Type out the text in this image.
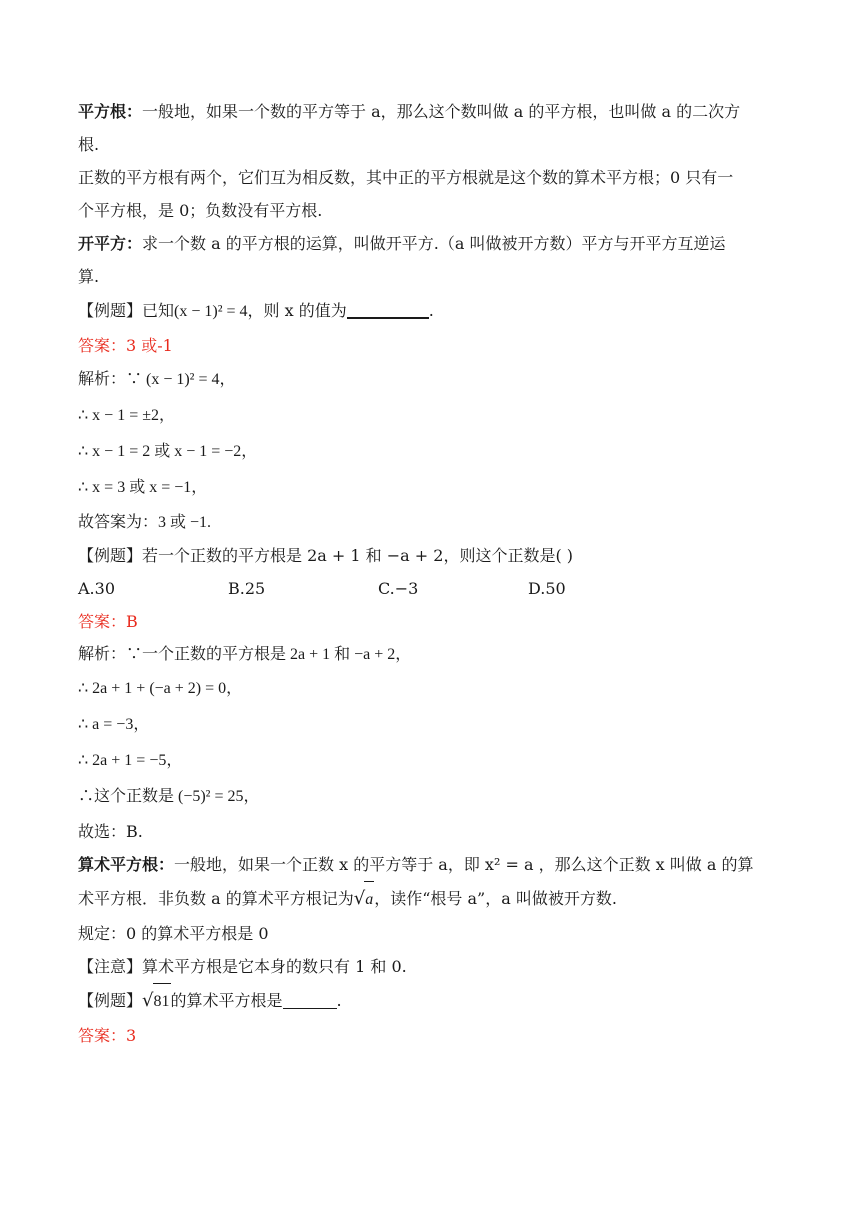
平方根：一般地，如果一个数的平方等于 a，那么这个数叫做 a 的平方根，也叫做 a 的二次方
根.
正数的平方根有两个，它们互为相反数，其中正的平方根就是这个数的算术平方根；0 只有一
个平方根，是 0；负数没有平方根.
开平方：求一个数 a 的平方根的运算，叫做开平方.（a 叫做被开方数）平方与开平方互逆运
算.
【例题】已知(x − 1)² = 4，则 x 的值为	.
答案：3 或-1
解析：∵ (x − 1)² = 4，
∴ x − 1 = ±2，
∴ x − 1 = 2 或 x − 1 = −2，
∴ x = 3 或 x = −1，
故答案为：3 或 −1.
【例题】若一个正数的平方根是 2a + 1 和 −a + 2，则这个正数是( )
A.30	B.25	C.−3	D.50
答案：B
解析：∵一个正数的平方根是 2a + 1 和 −a + 2，
∴ 2a + 1 + (−a + 2) = 0，
∴ a = −3，
∴ 2a + 1 = −5，
∴这个正数是 (−5)² = 25，
故选：B.
算术平方根：一般地，如果一个正数 x 的平方等于 a，即 x² = a ，那么这个正数 x 叫做 a 的算
术平方根．非负数 a 的算术平方根记为√a，读作“根号 a”，a 叫做被开方数.
规定：0 的算术平方根是 0
【注意】算术平方根是它本身的数只有 1 和 0.
【例题】√81的算术平方根是	.
答案：3
